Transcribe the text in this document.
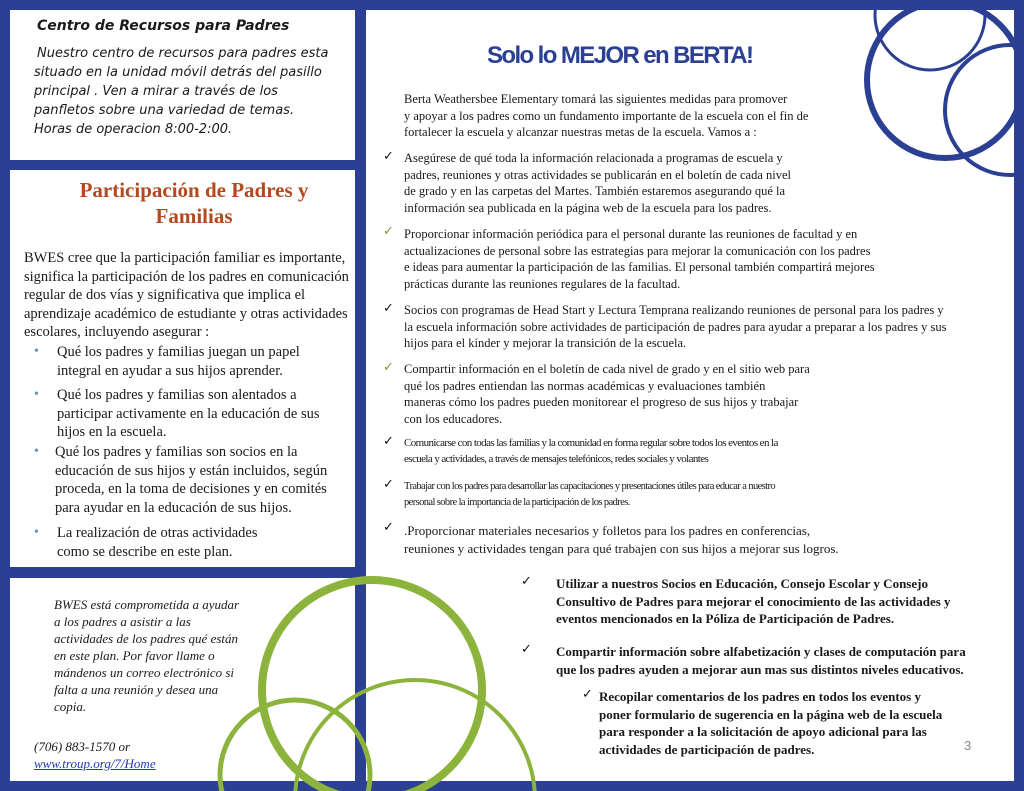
Centro de Recursos para Padres
Nuestro centro de recursos para padres esta
situado en la unidad móvil detrás del pasillo
principal . Ven a mirar a través de los
panfletos sobre una variedad de temas.
Horas de operacion 8:00-2:00.
Participación de Padres y
Familias
BWES cree que la participación familiar es importante,
significa la participación de los padres en comunicación
regular de dos vías y significativa que implica el
aprendizaje académico de estudiante y otras actividades
escolares, incluyendo asegurar :
• Qué los padres y familias juegan un papel
integral en ayudar a sus hijos aprender.
• Qué los padres y familias son alentados a
participar activamente en la educación de sus
hijos en la escuela.
• Qué los padres y familias son socios en la
educación de sus hijos y están incluidos, según
proceda, en la toma de decisiones y en comités
para ayudar en la educación de sus hijos.
• La realización de otras actividades
como se describe en este plan.
BWES está comprometida a ayudar
a los padres a asistir a las
actividades de los padres qué están
en este plan. Por favor llame o
mándenos un correo electrónico si
falta a una reunión y desea una
copia.
(706) 883-1570 or
www.troup.org/7/Home
Solo lo MEJOR en BERTA!
Berta Weathersbee Elementary tomará las siguientes medidas para promover
y apoyar a los padres como un fundamento importante de la escuela con el fin de
fortalecer la escuela y alcanzar nuestras metas de la escuela. Vamos a :
✓ Asegúrese de qué toda la información relacionada a programas de escuela y
padres, reuniones y otras actividades se publicarán en el boletín de cada nivel
de grado y en las carpetas del Martes. También estaremos asegurando qué la
información sea publicada en la página web de la escuela para los padres.
✓ Proporcionar información periódica para el personal durante las reuniones de facultad y en
actualizaciones de personal sobre las estrategias para mejorar la comunicación con los padres
e ideas para aumentar la participación de las familias. El personal también compartirá mejores
prácticas durante las reuniones regulares de la facultad.
✓ Socios con programas de Head Start y Lectura Temprana realizando reuniones de personal para los padres y
la escuela información sobre actividades de participación de padres para ayudar a preparar a los padres y sus
hijos para el kínder y mejorar la transición de la escuela.
✓ Compartir información en el boletín de cada nivel de grado y en el sitio web para
qué los padres entiendan las normas académicas y evaluaciones también
maneras cómo los padres pueden monitorear el progreso de sus hijos y trabajar
con los educadores.
✓ Comunicarse con todas las familias y la comunidad en forma regular sobre todos los eventos en la
escuela y actividades, a través de mensajes telefónicos, redes sociales y volantes
✓ Trabajar con los padres para desarrollar las capacitaciones y presentaciones útiles para educar a nuestro
personal sobre la importancia de la participación de los padres.
✓ .Proporcionar materiales necesarios y folletos para los padres en conferencias,
reuniones y actividades tengan para qué trabajen con sus hijos a mejorar sus logros.
✓ Utilizar a nuestros Socios en Educación, Consejo Escolar y Consejo
Consultivo de Padres para mejorar el conocimiento de las actividades y
eventos mencionados en la Póliza de Participación de Padres.
✓ Compartir información sobre alfabetización y clases de computación para
que los padres ayuden a mejorar aun mas sus distintos niveles educativos.
✓ Recopilar comentarios de los padres en todos los eventos y
poner formulario de sugerencia en la página web de la escuela
para responder a la solicitación de apoyo adicional para las
actividades de participación de padres.	3
